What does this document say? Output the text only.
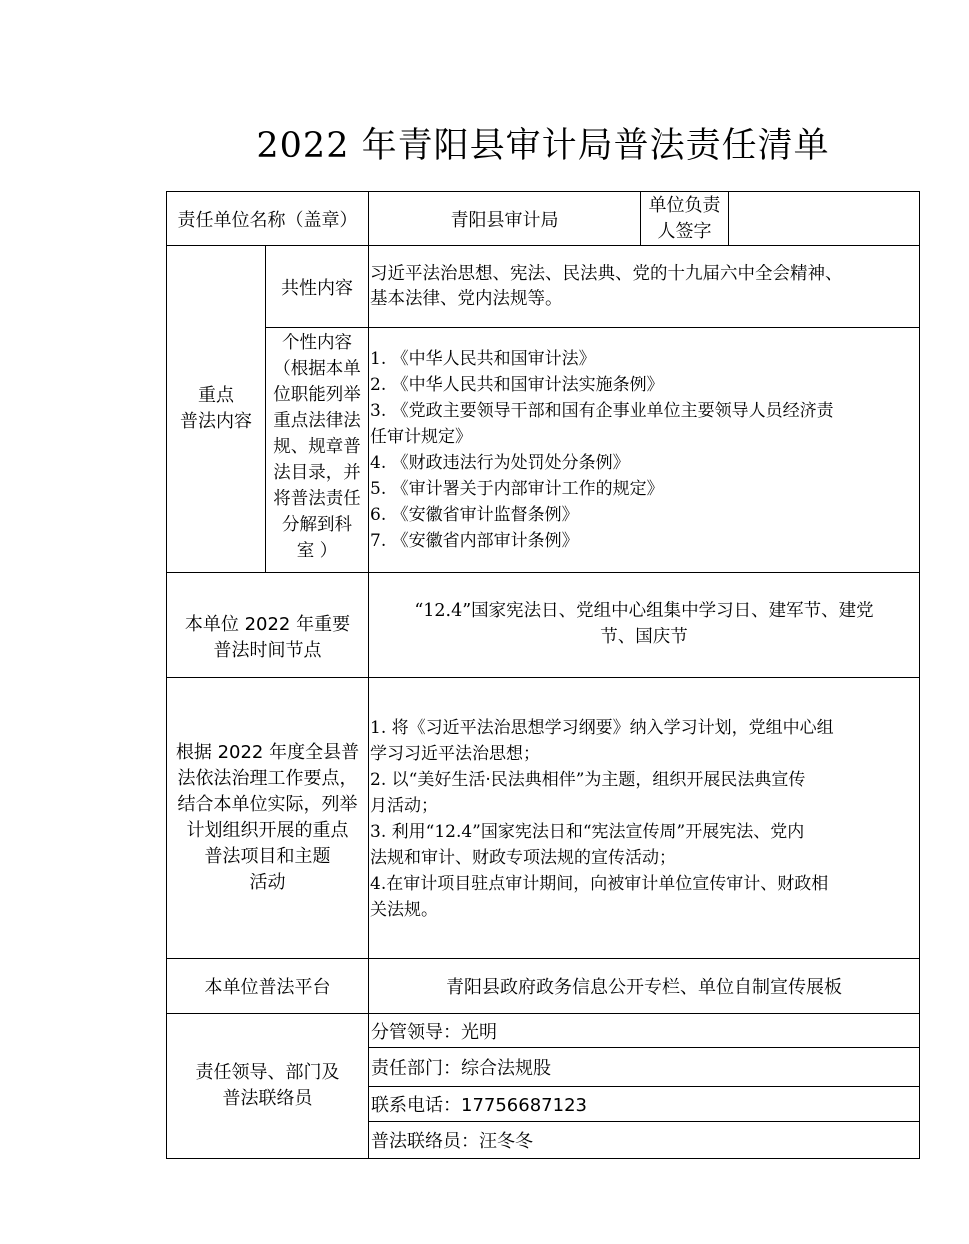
2022 年青阳县审计局普法责任清单
责任单位名称（盖章）	青阳县审计局
单位负责
人签字
重点
普法内容
共性内容
习近平法治思想、宪法、民法典、党的十九届六中全会精神、
基本法律、党内法规等。
个性内容
（根据本单
位职能列举
重点法律法
规、规章普
法目录，并
将普法责任
分解到科
室 ）
1. 《中华人民共和国审计法》
2. 《中华人民共和国审计法实施条例》
3. 《党政主要领导干部和国有企事业单位主要领导人员经济责
任审计规定》
4. 《财政违法行为处罚处分条例》
5. 《审计署关于内部审计工作的规定》
6. 《安徽省审计监督条例》
7. 《安徽省内部审计条例》
本单位 2022 年重要
普法时间节点
“12.4”国家宪法日、党组中心组集中学习日、建军节、建党
节、国庆节
根据 2022 年度全县普
法依法治理工作要点，
结合本单位实际，列举
计划组织开展的重点
普法项目和主题
活动
1. 将《习近平法治思想学习纲要》纳入学习计划，党组中心组
学习习近平法治思想；
2. 以“美好生活·民法典相伴”为主题，组织开展民法典宣传
月活动；
3. 利用“12.4”国家宪法日和“宪法宣传周”开展宪法、党内
法规和审计、财政专项法规的宣传活动；
4.在审计项目驻点审计期间，向被审计单位宣传审计、财政相
关法规。
本单位普法平台	青阳县政府政务信息公开专栏、单位自制宣传展板
责任领导、部门及
普法联络员
分管领导：光明
责任部门：综合法规股
联系电话：17756687123
普法联络员：汪冬冬
